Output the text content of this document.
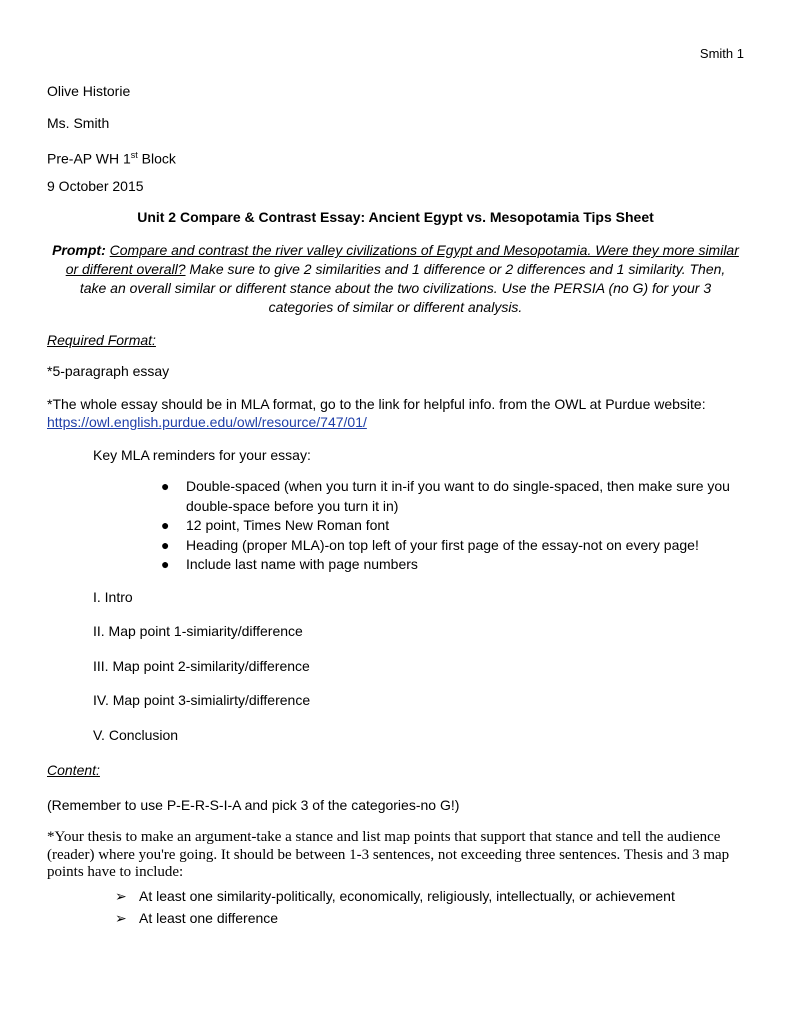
Smith 1
Olive Historie
Ms. Smith
Pre-AP WH 1st Block
9 October 2015
Unit 2 Compare & Contrast Essay: Ancient Egypt vs. Mesopotamia Tips Sheet
Prompt: Compare and contrast the river valley civilizations of Egypt and Mesopotamia. Were they more similar
or different overall? Make sure to give 2 similarities and 1 difference or 2 differences and 1 similarity. Then,
take an overall similar or different stance about the two civilizations. Use the PERSIA (no G) for your 3
categories of similar or different analysis.
Required Format:
*5-paragraph essay
*The whole essay should be in MLA format, go to the link for helpful info. from the OWL at Purdue website:
https://owl.english.purdue.edu/owl/resource/747/01/
Key MLA reminders for your essay:
● Double-spaced (when you turn it in-if you want to do single-spaced, then make sure you double-space before you turn it in)
● 12 point, Times New Roman font
● Heading (proper MLA)-on top left of your first page of the essay-not on every page!
● Include last name with page numbers
I. Intro
II. Map point 1-simiarity/difference
III. Map point 2-similarity/difference
IV. Map point 3-simialirty/difference
V. Conclusion
Content:
(Remember to use P-E-R-S-I-A and pick 3 of the categories-no G!)
*Your thesis to make an argument-take a stance and list map points that support that stance and tell the audience (reader) where you're going. It should be between 1-3 sentences, not exceeding three sentences. Thesis and 3 map points have to include:
➢ At least one similarity-politically, economically, religiously, intellectually, or achievement
➢ At least one difference
